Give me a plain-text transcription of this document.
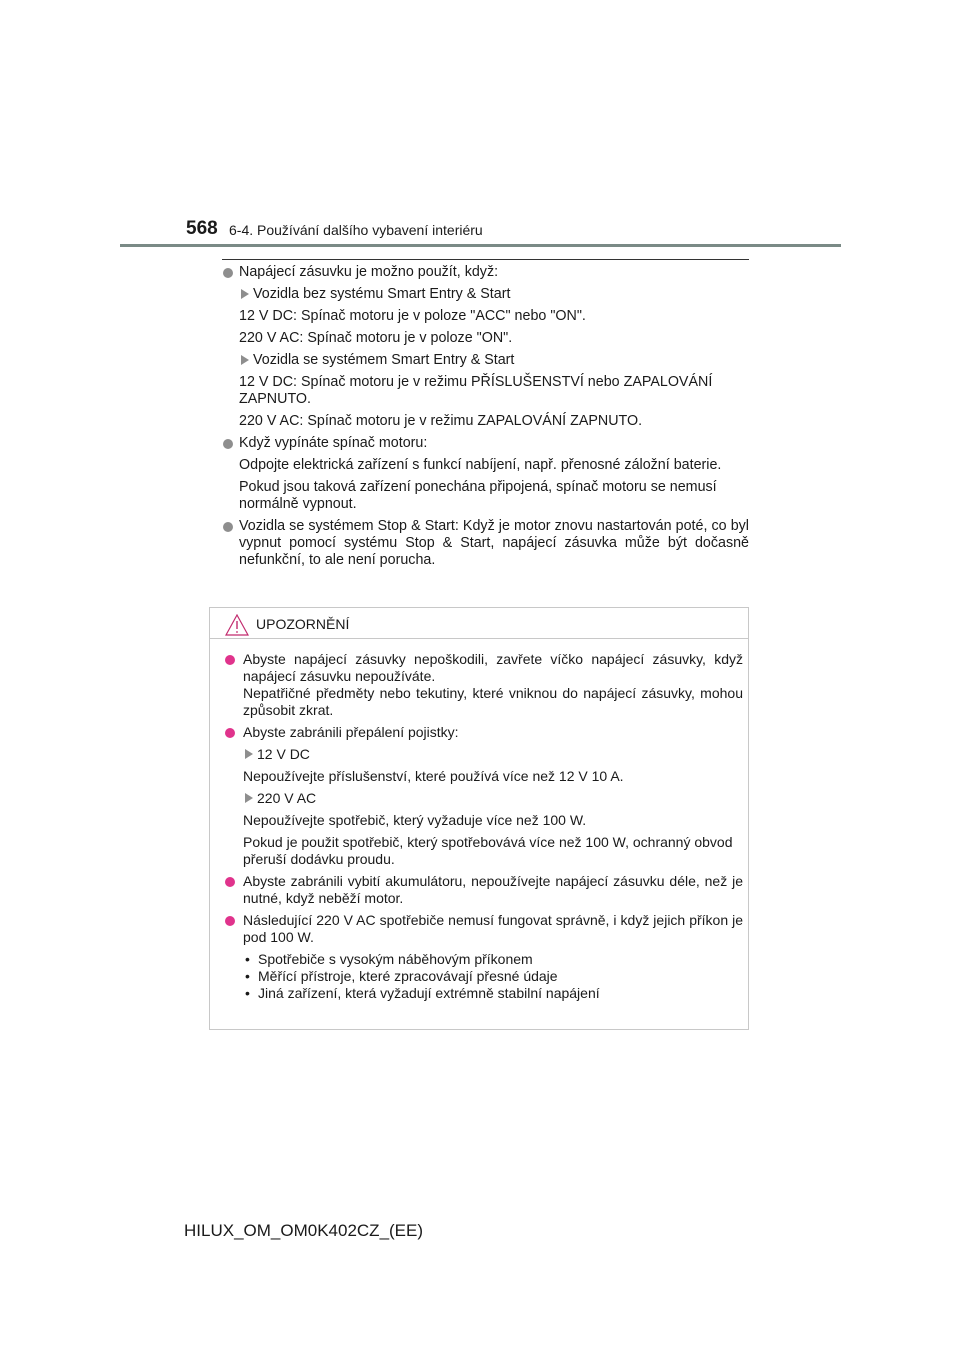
568 6-4. Používání dalšího vybavení interiéru
Napájecí zásuvku je možno použít, když:
Vozidla bez systému Smart Entry & Start
12 V DC: Spínač motoru je v poloze "ACC" nebo "ON".
220 V AC: Spínač motoru je v poloze "ON".
Vozidla se systémem Smart Entry & Start
12 V DC: Spínač motoru je v režimu PŘÍSLUŠENSTVÍ nebo ZAPALOVÁNÍ ZAPNUTO.
220 V AC: Spínač motoru je v režimu ZAPALOVÁNÍ ZAPNUTO.
Když vypínáte spínač motoru:
Odpojte elektrická zařízení s funkcí nabíjení, např. přenosné záložní baterie.
Pokud jsou taková zařízení ponechána připojená, spínač motoru se nemusí normálně vypnout.
Vozidla se systémem Stop & Start: Když je motor znovu nastartován poté, co byl vypnut pomocí systému Stop & Start, napájecí zásuvka může být dočasně nefunkční, to ale není porucha.
UPOZORNĚNÍ
Abyste napájecí zásuvky nepoškodili, zavřete víčko napájecí zásuvky, když napájecí zásuvku nepoužíváte.
Nepatřičné předměty nebo tekutiny, které vniknou do napájecí zásuvky, mohou způsobit zkrat.
Abyste zabránili přepálení pojistky:
12 V DC
Nepoužívejte příslušenství, které používá více než 12 V 10 A.
220 V AC
Nepoužívejte spotřebič, který vyžaduje více než 100 W.
Pokud je použit spotřebič, který spotřebovává více než 100 W, ochranný obvod přeruší dodávku proudu.
Abyste zabránili vybití akumulátoru, nepoužívejte napájecí zásuvku déle, než je nutné, když neběží motor.
Následující 220 V AC spotřebiče nemusí fungovat správně, i když jejich příkon je pod 100 W.
• Spotřebiče s vysokým náběhovým příkonem
• Měřící přístroje, které zpracovávají přesné údaje
• Jiná zařízení, která vyžadují extrémně stabilní napájení
HILUX_OM_OM0K402CZ_(EE)
